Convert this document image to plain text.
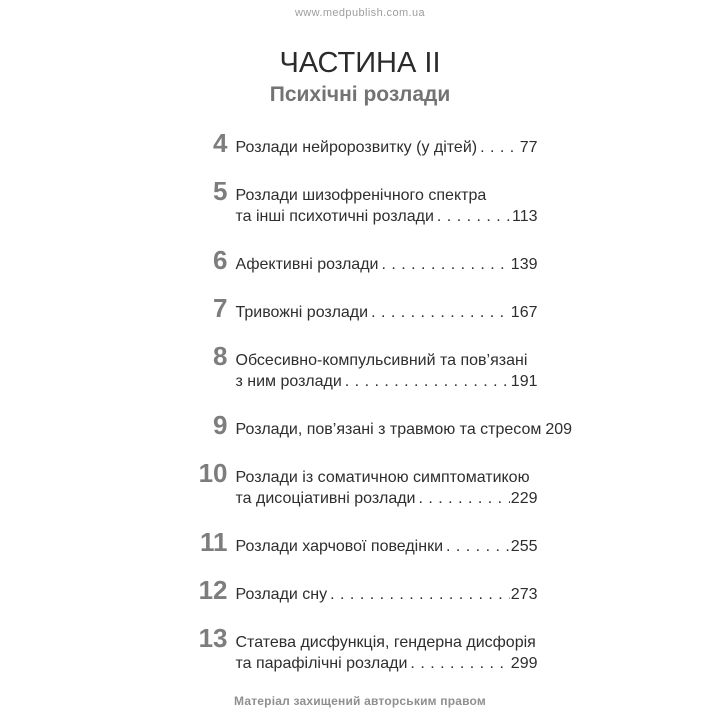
www.medpublish.com.ua
ЧАСТИНА II
Психічні розлади
4 Розлади нейророзвитку (у дітей) . . .	77
5 Розлади шизофренічного спектра
та інші психотичні розлади . . .	113
6 Афективні розлади . . .	139
7 Тривожні розлади . . .	167
8 Обсесивно-компульсивний та пов’язані
з ним розлади . . .	191
9 Розлади, пов’язані з травмою та стресом 209
10 Розлади із соматичною симптоматикою
та дисоціативні розлади . . .	229
11 Розлади харчової поведінки . . .	255
12 Розлади сну . . .	273
13 Статева дисфункція, гендерна дисфорія
та парафілічні розлади . . .	299
Матеріал захищений авторським правом
